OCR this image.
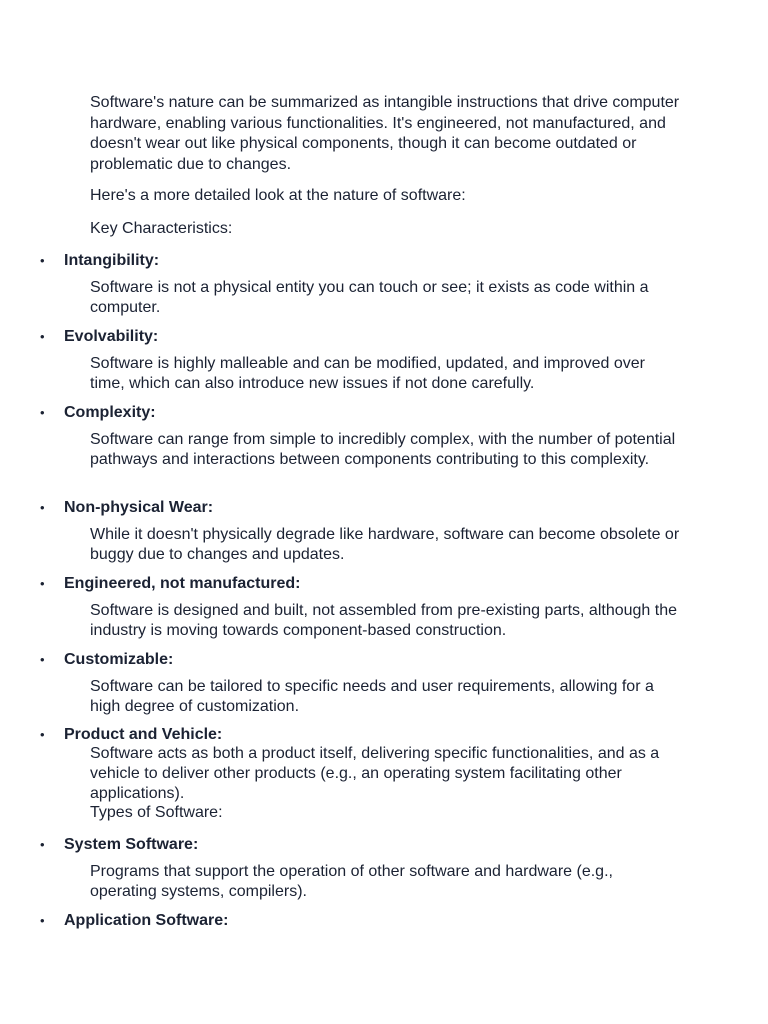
Software's nature can be summarized as intangible instructions that drive computer hardware, enabling various functionalities. It's engineered, not manufactured, and doesn't wear out like physical components, though it can become outdated or problematic due to changes.

Here's a more detailed look at the nature of software:

Key Characteristics:

• Intangibility:
Software is not a physical entity you can touch or see; it exists as code within a computer.
• Evolvability:
Software is highly malleable and can be modified, updated, and improved over time, which can also introduce new issues if not done carefully.
• Complexity:
Software can range from simple to incredibly complex, with the number of potential pathways and interactions between components contributing to this complexity.
• Non-physical Wear:
While it doesn't physically degrade like hardware, software can become obsolete or buggy due to changes and updates.
• Engineered, not manufactured:
Software is designed and built, not assembled from pre-existing parts, although the industry is moving towards component-based construction.
• Customizable:
Software can be tailored to specific needs and user requirements, allowing for a high degree of customization.
• Product and Vehicle:
Software acts as both a product itself, delivering specific functionalities, and as a vehicle to deliver other products (e.g., an operating system facilitating other applications).
Types of Software:
• System Software:
Programs that support the operation of other software and hardware (e.g., operating systems, compilers).
• Application Software:
